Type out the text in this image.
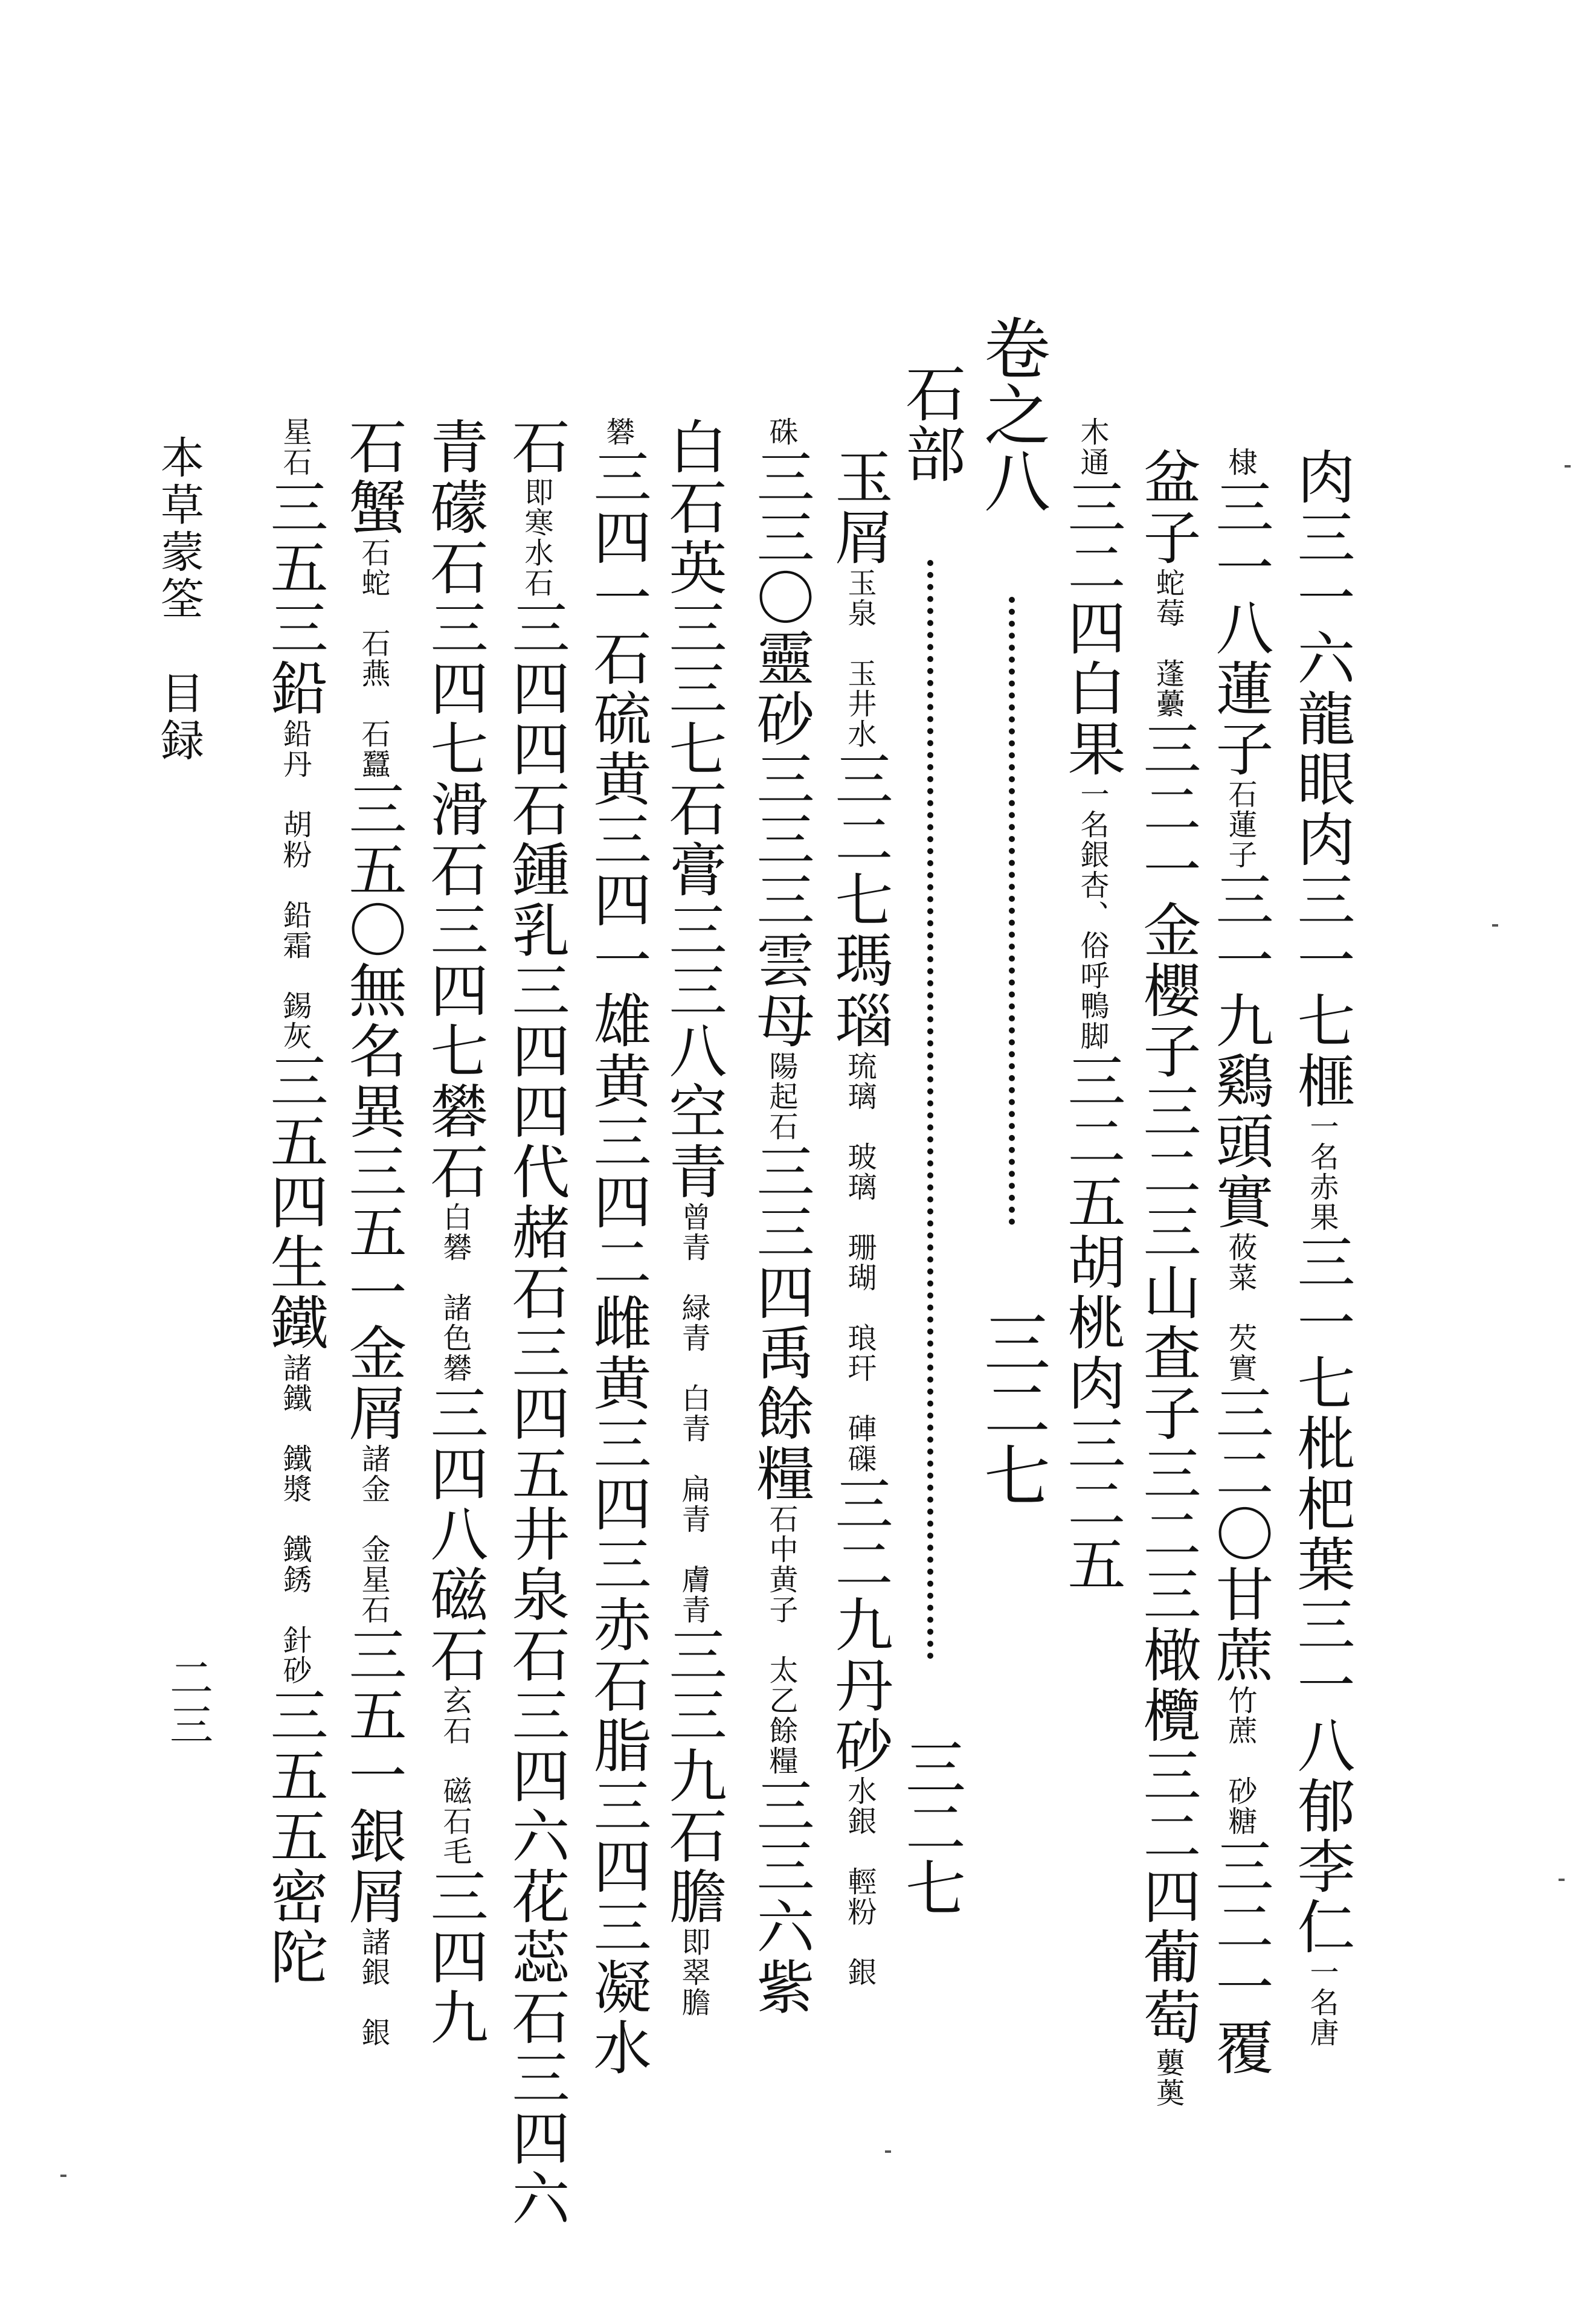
肉三一六龍眼肉三一七榧一名赤果三一七枇杷葉三一八郁李仁一名唐
棣三一八蓮子石蓮子三一九鷄頭實莜菜芡實三二〇甘蔗竹蔗砂糖三二一覆
盆子蛇莓蓬虆三二一金櫻子三二三山査子三二三橄欖三二四葡萄蘡薁
木通三二四白果一名銀杏、俗呼鴨脚三二五胡桃肉三二五
卷之八  三二七
石部  三二七
玉屑玉泉玉井水三二七瑪瑙琉璃玻璃珊瑚琅玕硨磲三二九丹砂水銀輕粉銀
硃三三〇靈砂三三三雲母陽起石三三四禹餘糧石中黄子太乙餘糧三三六紫
白石英三三七石膏三三八空青曾青緑青白青扁青膚青三三九石膽即翠膽
礬三四一石硫黄三四一雄黄三四二雌黄三四三赤石脂三四三凝水
石即寒水石三四四石鍾乳三四四代赭石三四五井泉石三四六花蕊石三四六
青礞石三四七滑石三四七礬石白礬諸色礬三四八磁石玄石磁石毛三四九
石蟹石蛇石燕石蠶三五〇無名異三五一金屑諸金金星石三五一銀屑諸銀銀
星石三五三鉛鉛丹胡粉鉛霜錫灰三五四生鐵諸鐵鐵漿鐵銹針砂三五五密陀
本草蒙筌　目録
二三
